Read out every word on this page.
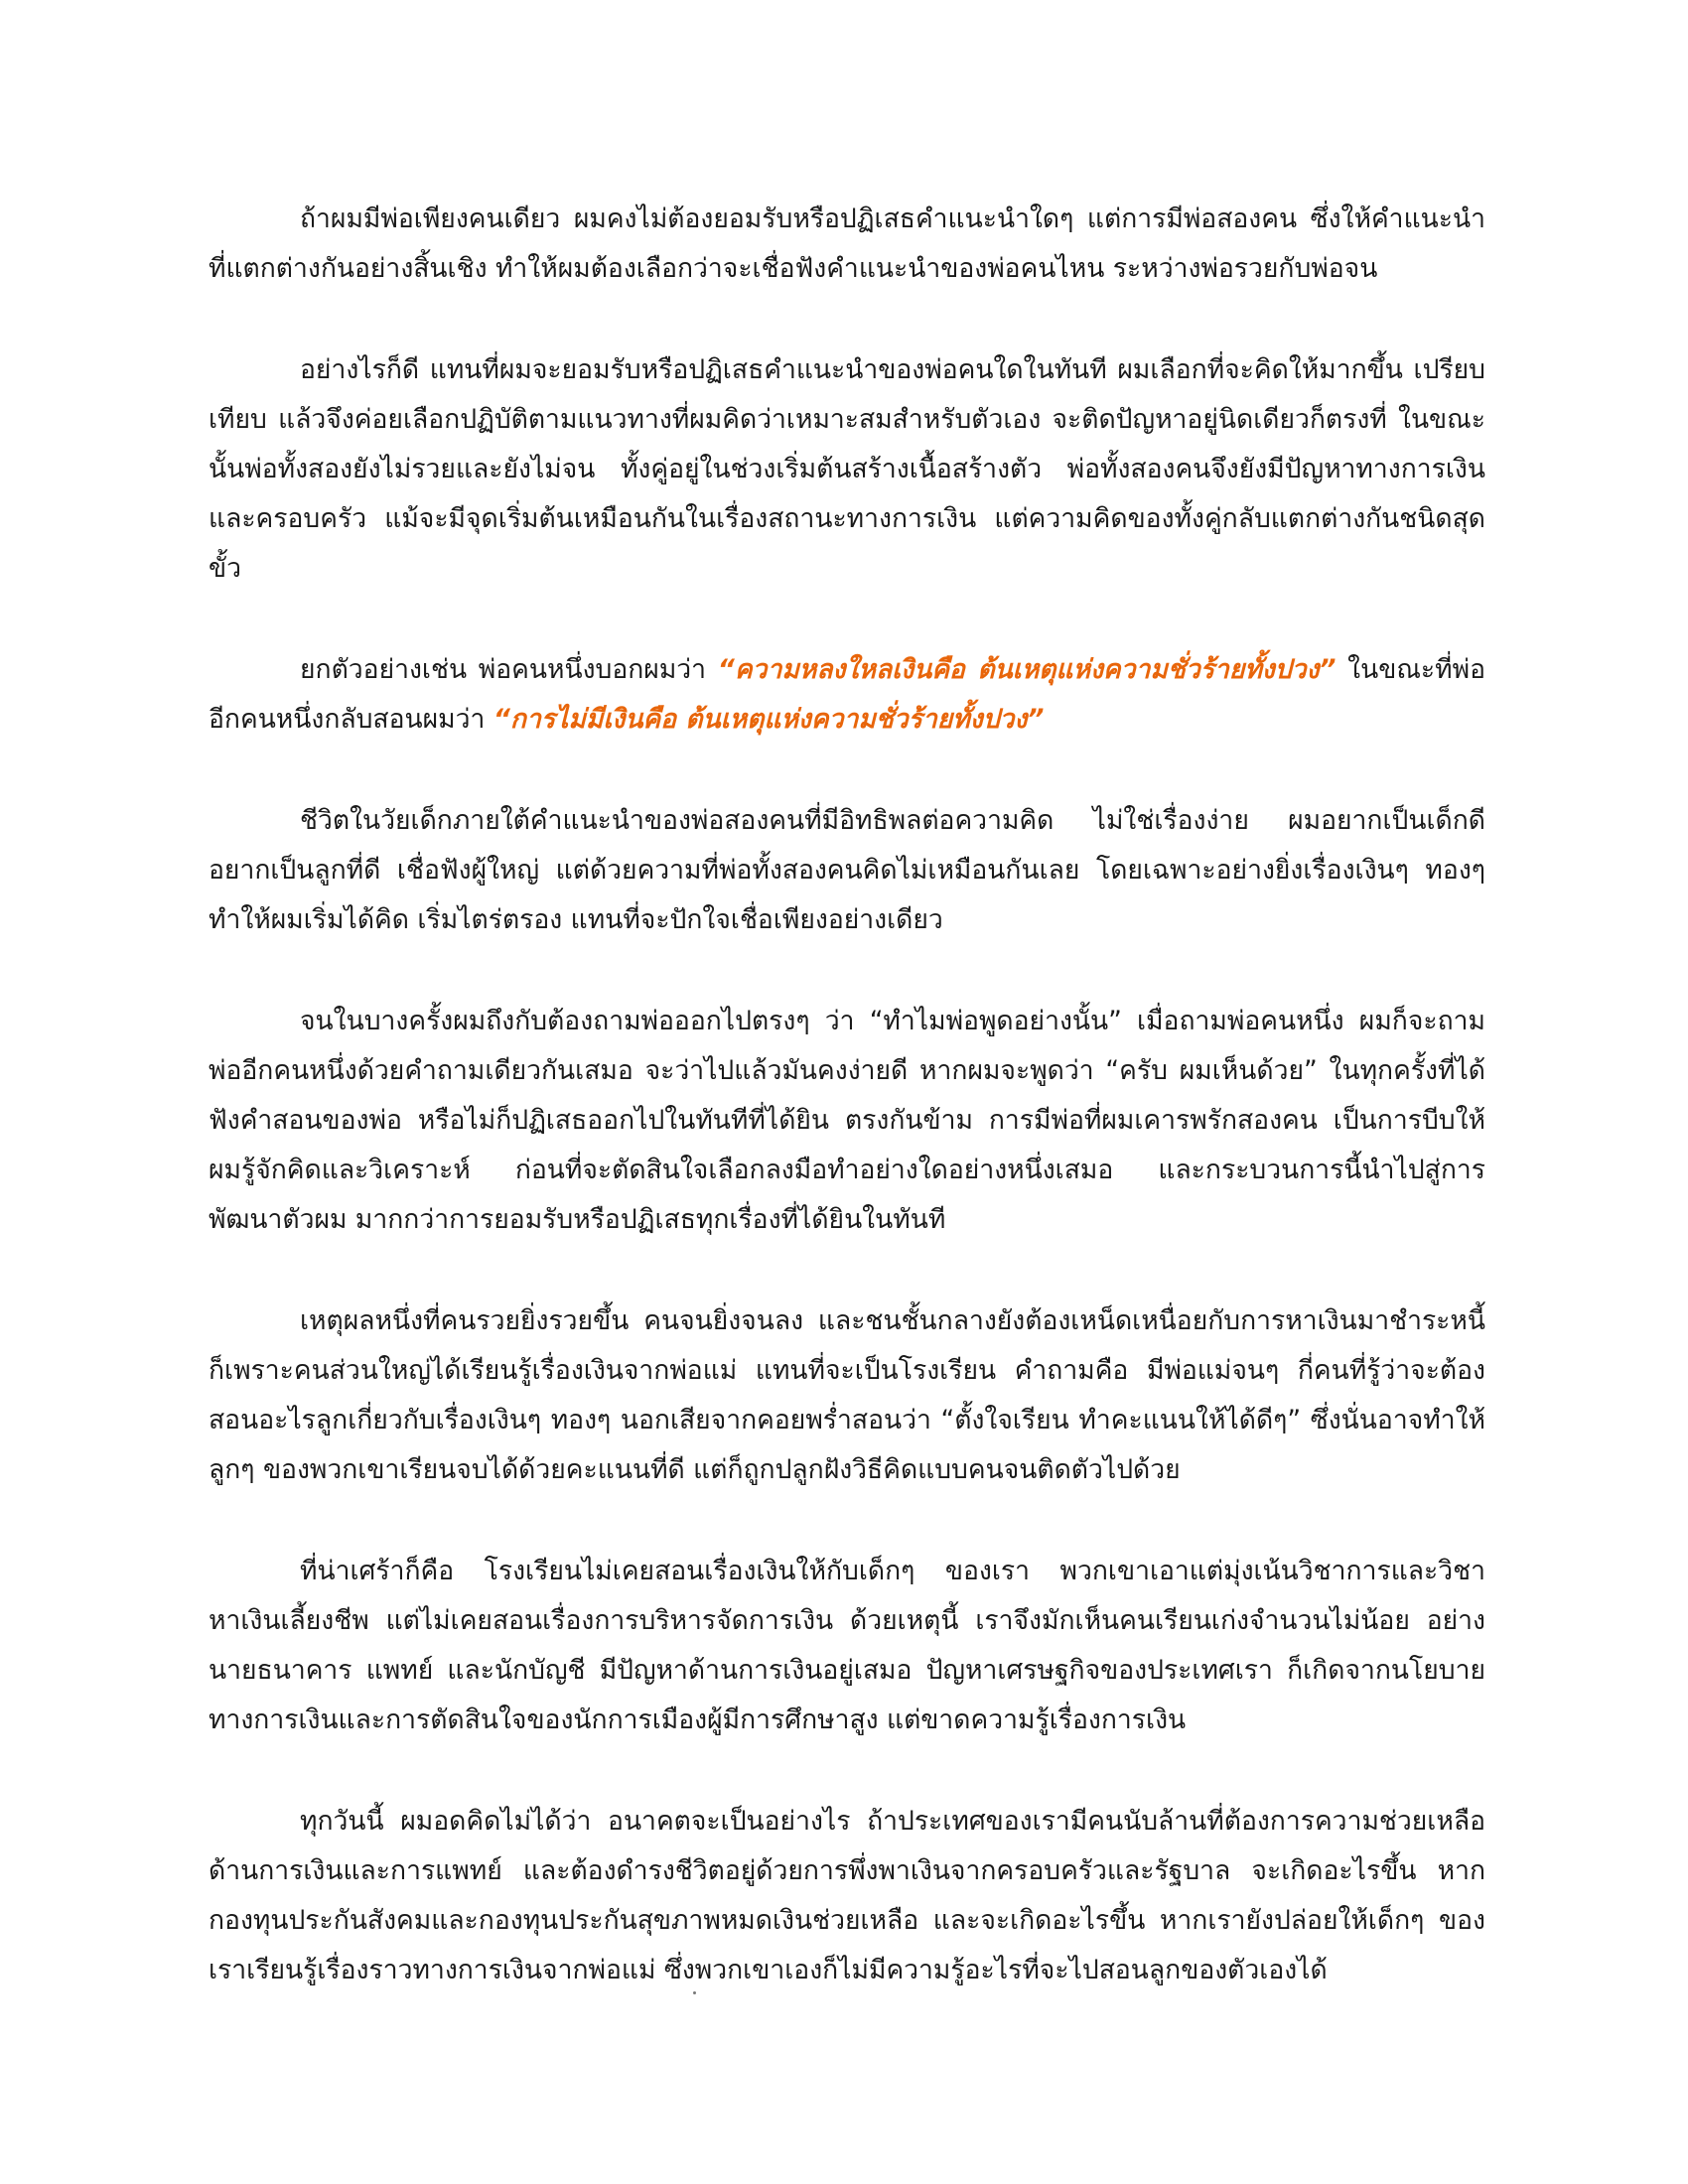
ถ้าผมมีพ่อเพียงคนเดียว ผมคงไม่ต้องยอมรับหรือปฏิเสธคำแนะนำใดๆ แต่การมีพ่อสองคน ซึ่งให้คำแนะนำที่แตกต่างกันอย่างสิ้นเชิง ทำให้ผมต้องเลือกว่าจะเชื่อฟังคำแนะนำของพ่อคนไหน ระหว่างพ่อรวยกับพ่อจน

อย่างไรก็ดี แทนที่ผมจะยอมรับหรือปฏิเสธคำแนะนำของพ่อคนใดในทันที ผมเลือกที่จะคิดให้มากขึ้น เปรียบเทียบ แล้วจึงค่อยเลือกปฏิบัติตามแนวทางที่ผมคิดว่าเหมาะสมสำหรับตัวเอง จะติดปัญหาอยู่นิดเดียวก็ตรงที่ ในขณะนั้นพ่อทั้งสองยังไม่รวยและยังไม่จน ทั้งคู่อยู่ในช่วงเริ่มต้นสร้างเนื้อสร้างตัว พ่อทั้งสองคนจึงยังมีปัญหาทางการเงินและครอบครัว แม้จะมีจุดเริ่มต้นเหมือนกันในเรื่องสถานะทางการเงิน แต่ความคิดของทั้งคู่กลับแตกต่างกันชนิดสุดขั้ว

ยกตัวอย่างเช่น พ่อคนหนึ่งบอกผมว่า “ความหลงใหลเงินคือ ต้นเหตุแห่งความชั่วร้ายทั้งปวง” ในขณะที่พ่ออีกคนหนึ่งกลับสอนผมว่า “การไม่มีเงินคือ ต้นเหตุแห่งความชั่วร้ายทั้งปวง”

ชีวิตในวัยเด็กภายใต้คำแนะนำของพ่อสองคนที่มีอิทธิพลต่อความคิด ไม่ใช่เรื่องง่าย ผมอยากเป็นเด็กดีอยากเป็นลูกที่ดี เชื่อฟังผู้ใหญ่ แต่ด้วยความที่พ่อทั้งสองคนคิดไม่เหมือนกันเลย โดยเฉพาะอย่างยิ่งเรื่องเงินๆ ทองๆ ทำให้ผมเริ่มได้คิด เริ่มไตร่ตรอง แทนที่จะปักใจเชื่อเพียงอย่างเดียว

จนในบางครั้งผมถึงกับต้องถามพ่อออกไปตรงๆ ว่า “ทำไมพ่อพูดอย่างนั้น” เมื่อถามพ่อคนหนึ่ง ผมก็จะถามพ่ออีกคนหนึ่งด้วยคำถามเดียวกันเสมอ จะว่าไปแล้วมันคงง่ายดี หากผมจะพูดว่า “ครับ ผมเห็นด้วย” ในทุกครั้งที่ได้ฟังคำสอนของพ่อ หรือไม่ก็ปฏิเสธออกไปในทันทีที่ได้ยิน ตรงกันข้าม การมีพ่อที่ผมเคารพรักสองคน เป็นการบีบให้ผมรู้จักคิดและวิเคราะห์ ก่อนที่จะตัดสินใจเลือกลงมือทำอย่างใดอย่างหนึ่งเสมอ และกระบวนการนี้นำไปสู่การพัฒนาตัวผม มากกว่าการยอมรับหรือปฏิเสธทุกเรื่องที่ได้ยินในทันที

เหตุผลหนึ่งที่คนรวยยิ่งรวยขึ้น คนจนยิ่งจนลง และชนชั้นกลางยังต้องเหน็ดเหนื่อยกับการหาเงินมาชำระหนี้ก็เพราะคนส่วนใหญ่ได้เรียนรู้เรื่องเงินจากพ่อแม่ แทนที่จะเป็นโรงเรียน คำถามคือ มีพ่อแม่จนๆ กี่คนที่รู้ว่าจะต้องสอนอะไรลูกเกี่ยวกับเรื่องเงินๆ ทองๆ นอกเสียจากคอยพร่ำสอนว่า “ตั้งใจเรียน ทำคะแนนให้ได้ดีๆ” ซึ่งนั่นอาจทำให้ลูกๆ ของพวกเขาเรียนจบได้ด้วยคะแนนที่ดี แต่ก็ถูกปลูกฝังวิธีคิดแบบคนจนติดตัวไปด้วย

ที่น่าเศร้าก็คือ โรงเรียนไม่เคยสอนเรื่องเงินให้กับเด็กๆ ของเรา พวกเขาเอาแต่มุ่งเน้นวิชาการและวิชาหาเงินเลี้ยงชีพ แต่ไม่เคยสอนเรื่องการบริหารจัดการเงิน ด้วยเหตุนี้ เราจึงมักเห็นคนเรียนเก่งจำนวนไม่น้อย อย่าง นายธนาคาร แพทย์ และนักบัญชี มีปัญหาด้านการเงินอยู่เสมอ ปัญหาเศรษฐกิจของประเทศเรา ก็เกิดจากนโยบายทางการเงินและการตัดสินใจของนักการเมืองผู้มีการศึกษาสูง แต่ขาดความรู้เรื่องการเงิน

ทุกวันนี้ ผมอดคิดไม่ได้ว่า อนาคตจะเป็นอย่างไร ถ้าประเทศของเรามีคนนับล้านที่ต้องการความช่วยเหลือด้านการเงินและการแพทย์ และต้องดำรงชีวิตอยู่ด้วยการพึ่งพาเงินจากครอบครัวและรัฐบาล จะเกิดอะไรขึ้น หากกองทุนประกันสังคมและกองทุนประกันสุขภาพหมดเงินช่วยเหลือ และจะเกิดอะไรขึ้น หากเรายังปล่อยให้เด็กๆ ของเราเรียนรู้เรื่องราวทางการเงินจากพ่อแม่ ซึ่งพวกเขาเองก็ไม่มีความรู้อะไรที่จะไปสอนลูกของตัวเองได้
